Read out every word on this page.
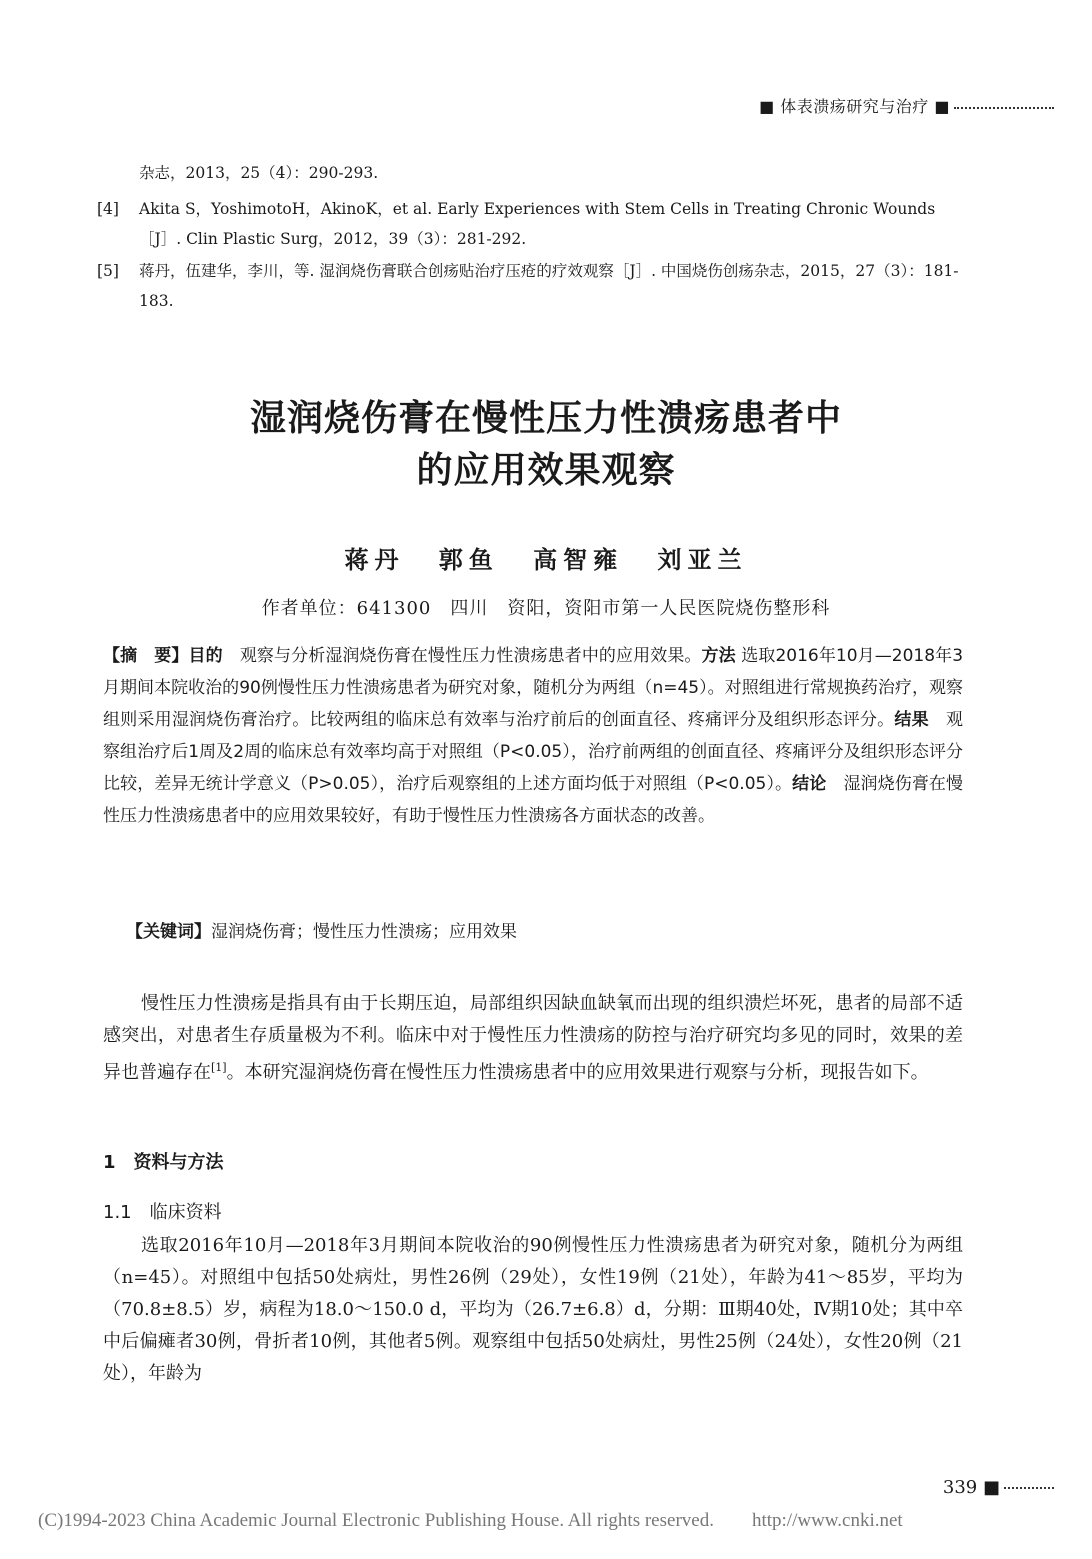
■ 体表溃疡研究与治疗 ■
杂志，2013，25（4）：290-293.
[4] Akita S，YoshimotoH，AkinoK，et al. Early Experiences with Stem Cells in Treating Chronic Wounds［J］. Clin Plastic Surg，2012，39（3）：281-292.
[5] 蒋丹，伍建华，李川，等. 湿润烧伤膏联合创疡贴治疗压疮的疗效观察［J］. 中国烧伤创疡杂志，2015，27（3）：181-183.
湿润烧伤膏在慢性压力性溃疡患者中
的应用效果观察
蒋丹 郭鱼 高智雍 刘亚兰
作者单位：641300　四川　资阳，资阳市第一人民医院烧伤整形科
【摘　要】目的　 观察与分析湿润烧伤膏在慢性压力性溃疡患者中的应用效果。方法 选取2016年10月—2018年3月期间本院收治的90例慢性压力性溃疡患者为研究对象，随机分为两组（n=45）。对照组进行常规换药治疗，观察组则采用湿润烧伤膏治疗。比较两组的临床总有效率与治疗前后的创面直径、疼痛评分及组织形态评分。结果　 观察组治疗后1周及2周的临床总有效率均高于对照组（P<0.05），治疗前两组的创面直径、疼痛评分及组织形态评分比较，差异无统计学意义（P>0.05），治疗后观察组的上述方面均低于对照组（P<0.05）。结论　 湿润烧伤膏在慢性压力性溃疡患者中的应用效果较好，有助于慢性压力性溃疡各方面状态的改善。
【关键词】湿润烧伤膏；慢性压力性溃疡；应用效果
慢性压力性溃疡是指具有由于长期压迫，局部组织因缺血缺氧而出现的组织溃烂坏死，患者的局部不适感突出，对患者生存质量极为不利。临床中对于慢性压力性溃疡的防控与治疗研究均多见的同时，效果的差异也普遍存在[1]。本研究湿润烧伤膏在慢性压力性溃疡患者中的应用效果进行观察与分析，现报告如下。
1　资料与方法
1.1　临床资料
选取2016年10月—2018年3月期间本院收治的90例慢性压力性溃疡患者为研究对象，随机分为两组（n=45）。对照组中包括50处病灶，男性26例（29处），女性19例（21处），年龄为41～85岁，平均为（70.8±8.5）岁，病程为18.0～150.0 d，平均为（26.7±6.8）d，分期：Ⅲ期40处，Ⅳ期10处；其中卒中后偏瘫者30例，骨折者10例，其他者5例。观察组中包括50处病灶，男性25例（24处），女性20例（21处），年龄为
339 ■
(C)1994-2023 China Academic Journal Electronic Publishing House. All rights reserved.　　http://www.cnki.net
